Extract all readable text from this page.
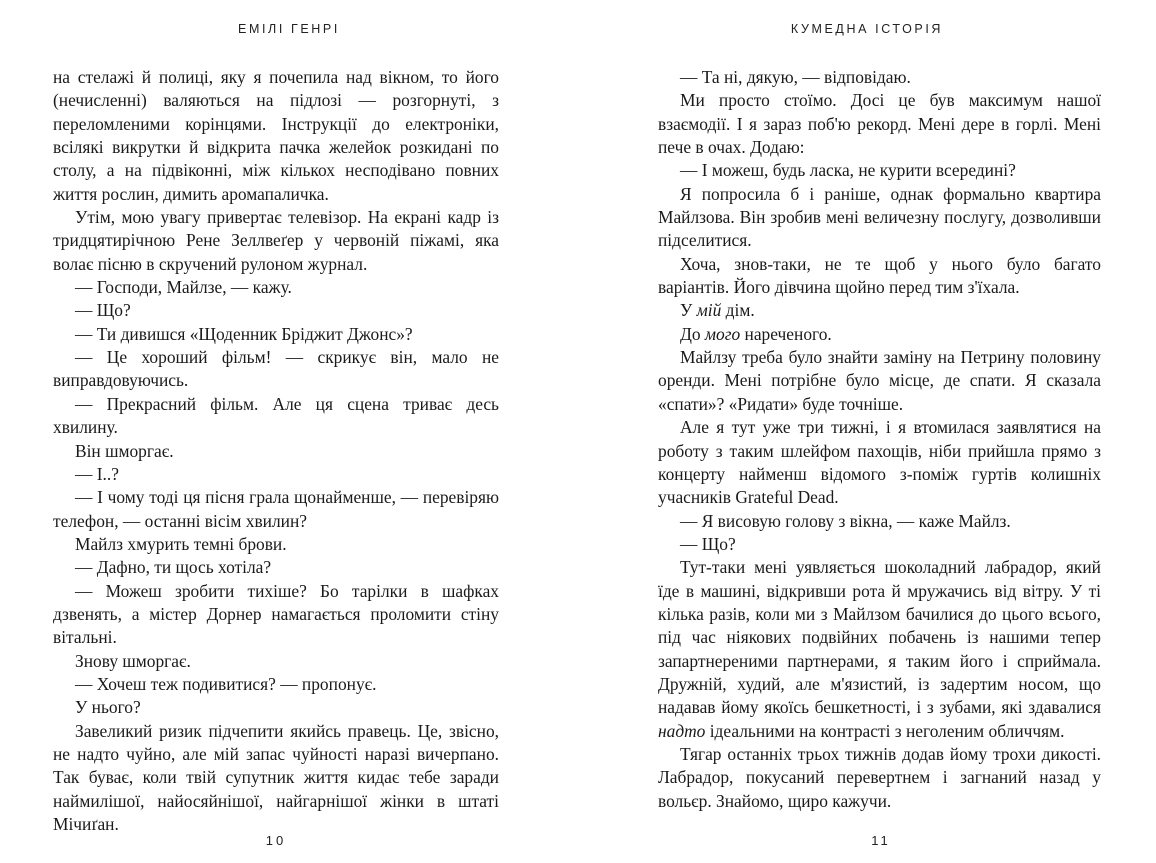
ЕМІЛІ ГЕНРІ

на стелажі й полиці, яку я почепила над вікном, то його (нечисленні) валяються на підлозі — розгорнуті, з переломленими корінцями. Інструкції до електроніки, всілякі викрутки й відкрита пачка желейок розкидані по столу, а на підвіконні, між кількох несподівано повних життя рослин, димить аромапаличка.

Утім, мою увагу привертає телевізор. На екрані кадр із тридцятирічною Рене Зеллвеґер у червоній піжамі, яка волає пісню в скручений рулоном журнал.

— Господи, Майлзе, — кажу.

— Що?

— Ти дивишся «Щоденник Бріджит Джонс»?

— Це хороший фільм! — скрикує він, мало не виправдовуючись.

— Прекрасний фільм. Але ця сцена триває десь хвилину.

Він шморгає.

— І..?

— І чому тоді ця пісня грала щонайменше, — перевіряю телефон, — останні вісім хвилин?

Майлз хмурить темні брови.

— Дафно, ти щось хотіла?

— Можеш зробити тихіше? Бо тарілки в шафках дзвенять, а містер Дорнер намагається проломити стіну вітальні.

Знову шморгає.

— Хочеш теж подивитися? — пропонує.

У нього?

Завеликий ризик підчепити якийсь правець. Це, звісно, не надто чуйно, але мій запас чуйності наразі вичерпано. Так буває, коли твій супутник життя кидає тебе заради наймилішої, найосяйнішої, найгарнішої жінки в штаті Мічиґан.

10
КУМЕДНА ІСТОРІЯ

— Та ні, дякую, — відповідаю.

Ми просто стоїмо. Досі це був максимум нашої взаємодії. І я зараз поб'ю рекорд. Мені дере в горлі. Мені пече в очах. Додаю:

— І можеш, будь ласка, не курити всередині?

Я попросила б і раніше, однак формально квартира Майлзова. Він зробив мені величезну послугу, дозволивши підселитися.

Хоча, знов-таки, не те щоб у нього було багато варіантів. Його дівчина щойно перед тим з'їхала.

У мій дім.

До мого нареченого.

Майлзу треба було знайти заміну на Петрину половину оренди. Мені потрібне було місце, де спати. Я сказала «спати»? «Ридати» буде точніше.

Але я тут уже три тижні, і я втомилася заявлятися на роботу з таким шлейфом пахощів, ніби прийшла прямо з концерту найменш відомого з-поміж гуртів колишніх учасників Grateful Dead.

— Я висовую голову з вікна, — каже Майлз.

— Що?

Тут-таки мені уявляється шоколадний лабрадор, який їде в машині, відкривши рота й мружачись від вітру. У ті кілька разів, коли ми з Майлзом бачилися до цього всього, під час ніякових подвійних побачень із нашими тепер запартнереними партнерами, я таким його і сприймала. Дружній, худий, але м'язистий, із задертим носом, що надавав йому якоїсь бешкетності, і з зубами, які здавалися надто ідеальними на контрасті з неголеним обличчям.

Тягар останніх трьох тижнів додав йому трохи дикості. Лабрадор, покусаний перевертнем і загнаний назад у вольєр. Знайомо, щиро кажучи.

11
